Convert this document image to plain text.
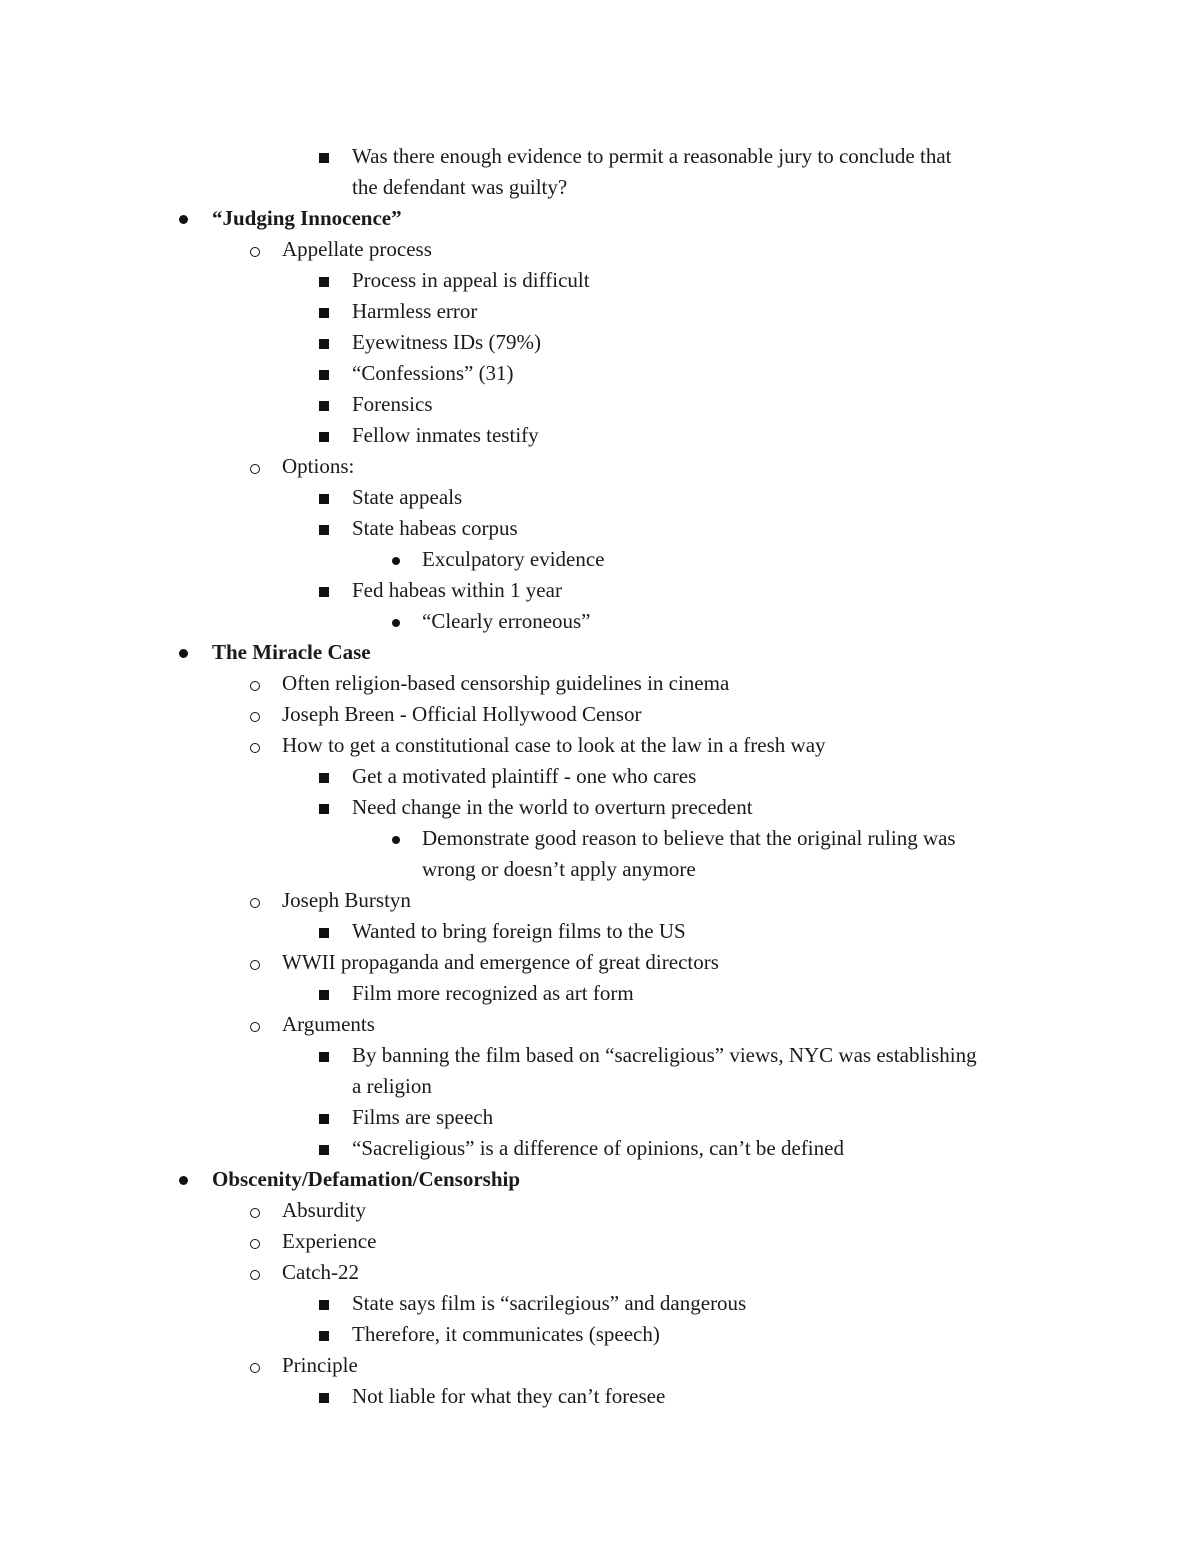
Was there enough evidence to permit a reasonable jury to conclude that
the defendant was guilty?
“Judging Innocence”
Appellate process
Process in appeal is difficult
Harmless error
Eyewitness IDs (79%)
“Confessions” (31)
Forensics
Fellow inmates testify
Options:
State appeals
State habeas corpus
Exculpatory evidence
Fed habeas within 1 year
“Clearly erroneous”
The Miracle Case
Often religion-based censorship guidelines in cinema
Joseph Breen - Official Hollywood Censor
How to get a constitutional case to look at the law in a fresh way
Get a motivated plaintiff - one who cares
Need change in the world to overturn precedent
Demonstrate good reason to believe that the original ruling was
wrong or doesn’t apply anymore
Joseph Burstyn
Wanted to bring foreign films to the US
WWII propaganda and emergence of great directors
Film more recognized as art form
Arguments
By banning the film based on “sacreligious” views, NYC was establishing
a religion
Films are speech
“Sacreligious” is a difference of opinions, can’t be defined
Obscenity/Defamation/Censorship
Absurdity
Experience
Catch-22
State says film is “sacrilegious” and dangerous
Therefore, it communicates (speech)
Principle
Not liable for what they can’t foresee
